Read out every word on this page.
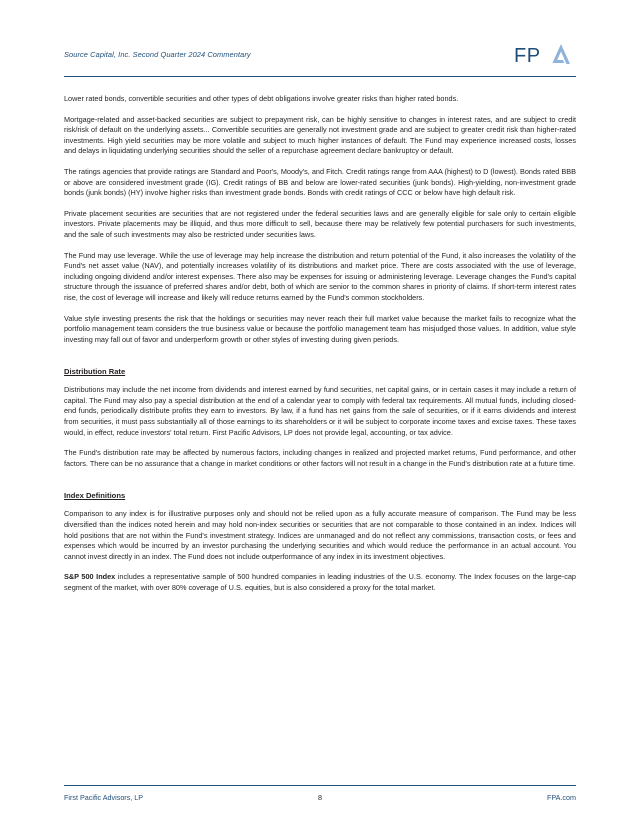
Source Capital, Inc. Second Quarter 2024 Commentary	FP

Lower rated bonds, convertible securities and other types of debt obligations involve greater risks than higher rated bonds.

Mortgage-related and asset-backed securities are subject to prepayment risk, can be highly sensitive to changes in interest rates, and are subject to credit risk/risk of default on the underlying assets... Convertible securities are generally not investment grade and are subject to greater credit risk than higher-rated investments. High yield securities may be more volatile and subject to much higher instances of default. The Fund may experience increased costs, losses and delays in liquidating underlying securities should the seller of a repurchase agreement declare bankruptcy or default.

The ratings agencies that provide ratings are Standard and Poor's, Moody's, and Fitch. Credit ratings range from AAA (highest) to D (lowest). Bonds rated BBB or above are considered investment grade (IG). Credit ratings of BB and below are lower-rated securities (junk bonds). High-yielding, non-investment grade bonds (junk bonds) (HY) involve higher risks than investment grade bonds. Bonds with credit ratings of CCC or below have high default risk.

Private placement securities are securities that are not registered under the federal securities laws and are generally eligible for sale only to certain eligible investors. Private placements may be illiquid, and thus more difficult to sell, because there may be relatively few potential purchasers for such investments, and the sale of such investments may also be restricted under securities laws.

The Fund may use leverage. While the use of leverage may help increase the distribution and return potential of the Fund, it also increases the volatility of the Fund's net asset value (NAV), and potentially increases volatility of its distributions and market price. There are costs associated with the use of leverage, including ongoing dividend and/or interest expenses. There also may be expenses for issuing or administering leverage. Leverage changes the Fund's capital structure through the issuance of preferred shares and/or debt, both of which are senior to the common shares in priority of claims. If short-term interest rates rise, the cost of leverage will increase and likely will reduce returns earned by the Fund's common stockholders.

Value style investing presents the risk that the holdings or securities may never reach their full market value because the market fails to recognize what the portfolio management team considers the true business value or because the portfolio management team has misjudged those values. In addition, value style investing may fall out of favor and underperform growth or other styles of investing during given periods.

Distribution Rate

Distributions may include the net income from dividends and interest earned by fund securities, net capital gains, or in certain cases it may include a return of capital. The Fund may also pay a special distribution at the end of a calendar year to comply with federal tax requirements. All mutual funds, including closed-end funds, periodically distribute profits they earn to investors. By law, if a fund has net gains from the sale of securities, or if it earns dividends and interest from securities, it must pass substantially all of those earnings to its shareholders or it will be subject to corporate income taxes and excise taxes. These taxes would, in effect, reduce investors' total return. First Pacific Advisors, LP does not provide legal, accounting, or tax advice.

The Fund's distribution rate may be affected by numerous factors, including changes in realized and projected market returns, Fund performance, and other factors. There can be no assurance that a change in market conditions or other factors will not result in a change in the Fund's distribution rate at a future time.

Index Definitions

Comparison to any index is for illustrative purposes only and should not be relied upon as a fully accurate measure of comparison. The Fund may be less diversified than the indices noted herein and may hold non-index securities or securities that are not comparable to those contained in an index. Indices will hold positions that are not within the Fund's investment strategy. Indices are unmanaged and do not reflect any commissions, transaction costs, or fees and expenses which would be incurred by an investor purchasing the underlying securities and which would reduce the performance in an actual account. You cannot invest directly in an index. The Fund does not include outperformance of any index in its investment objectives.

S&P 500 Index includes a representative sample of 500 hundred companies in leading industries of the U.S. economy. The Index focuses on the large-cap segment of the market, with over 80% coverage of U.S. equities, but is also considered a proxy for the total market.

First Pacific Advisors, LP	8	FPA.com
